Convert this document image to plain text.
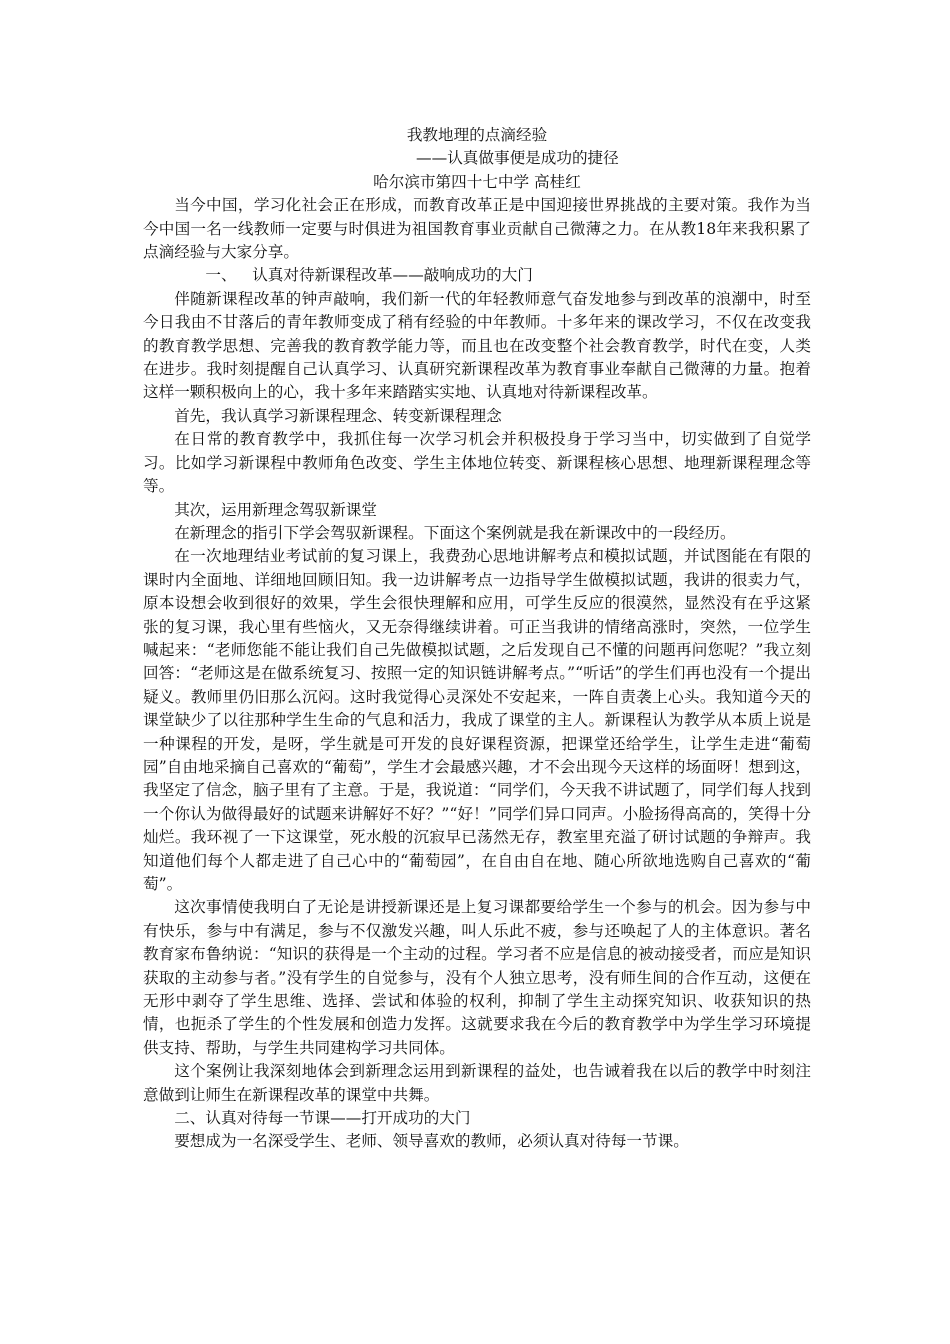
我教地理的点滴经验
——认真做事便是成功的捷径
哈尔滨市第四十七中学 高桂红

当今中国，学习化社会正在形成，而教育改革正是中国迎接世界挑战的主要对策。我作为当今中国一名一线教师一定要与时俱进为祖国教育事业贡献自己微薄之力。在从教18年来我积累了点滴经验与大家分享。

一、 认真对待新课程改革——敲响成功的大门

伴随新课程改革的钟声敲响，我们新一代的年轻教师意气奋发地参与到改革的浪潮中，时至今日我由不甘落后的青年教师变成了稍有经验的中年教师。十多年来的课改学习，不仅在改变我的教育教学思想、完善我的教育教学能力等，而且也在改变整个社会教育教学，时代在变，人类在进步。我时刻提醒自己认真学习、认真研究新课程改革为教育事业奉献自己微薄的力量。抱着这样一颗积极向上的心，我十多年来踏踏实实地、认真地对待新课程改革。

首先，我认真学习新课程理念、转变新课程理念

在日常的教育教学中，我抓住每一次学习机会并积极投身于学习当中，切实做到了自觉学习。比如学习新课程中教师角色改变、学生主体地位转变、新课程核心思想、地理新课程理念等等。

其次，运用新理念驾驭新课堂

在新理念的指引下学会驾驭新课程。下面这个案例就是我在新课改中的一段经历。

在一次地理结业考试前的复习课上，我费劲心思地讲解考点和模拟试题，并试图能在有限的课时内全面地、详细地回顾旧知。我一边讲解考点一边指导学生做模拟试题，我讲的很卖力气，原本设想会收到很好的效果，学生会很快理解和应用，可学生反应的很漠然，显然没有在乎这紧张的复习课，我心里有些恼火，又无奈得继续讲着。可正当我讲的情绪高涨时，突然，一位学生喊起来：“老师您能不能让我们自己先做模拟试题，之后发现自己不懂的问题再问您呢？”我立刻回答：“老师这是在做系统复习、按照一定的知识链讲解考点。”“听话”的学生们再也没有一个提出疑义。教师里仍旧那么沉闷。这时我觉得心灵深处不安起来，一阵自责袭上心头。我知道今天的课堂缺少了以往那种学生生命的气息和活力，我成了课堂的主人。新课程认为教学从本质上说是一种课程的开发，是呀，学生就是可开发的良好课程资源，把课堂还给学生，让学生走进“葡萄园”自由地采摘自己喜欢的“葡萄”，学生才会最感兴趣，才不会出现今天这样的场面呀！想到这，我坚定了信念，脑子里有了主意。于是，我说道：“同学们，今天我不讲试题了，同学们每人找到一个你认为做得最好的试题来讲解好不好？”“好！”同学们异口同声。小脸扬得高高的，笑得十分灿烂。我环视了一下这课堂，死水般的沉寂早已荡然无存，教室里充溢了研讨试题的争辩声。我知道他们每个人都走进了自己心中的“葡萄园”，在自由自在地、随心所欲地选购自己喜欢的“葡萄”。

这次事情使我明白了无论是讲授新课还是上复习课都要给学生一个参与的机会。因为参与中有快乐，参与中有满足，参与不仅激发兴趣，叫人乐此不疲，参与还唤起了人的主体意识。著名教育家布鲁纳说：“知识的获得是一个主动的过程。学习者不应是信息的被动接受者，而应是知识获取的主动参与者。”没有学生的自觉参与，没有个人独立思考，没有师生间的合作互动，这便在无形中剥夺了学生思维、选择、尝试和体验的权利，抑制了学生主动探究知识、收获知识的热情，也扼杀了学生的个性发展和创造力发挥。这就要求我在今后的教育教学中为学生学习环境提供支持、帮助，与学生共同建构学习共同体。

这个案例让我深刻地体会到新理念运用到新课程的益处，也告诫着我在以后的教学中时刻注意做到让师生在新课程改革的课堂中共舞。

二、认真对待每一节课——打开成功的大门

要想成为一名深受学生、老师、领导喜欢的教师，必须认真对待每一节课。
